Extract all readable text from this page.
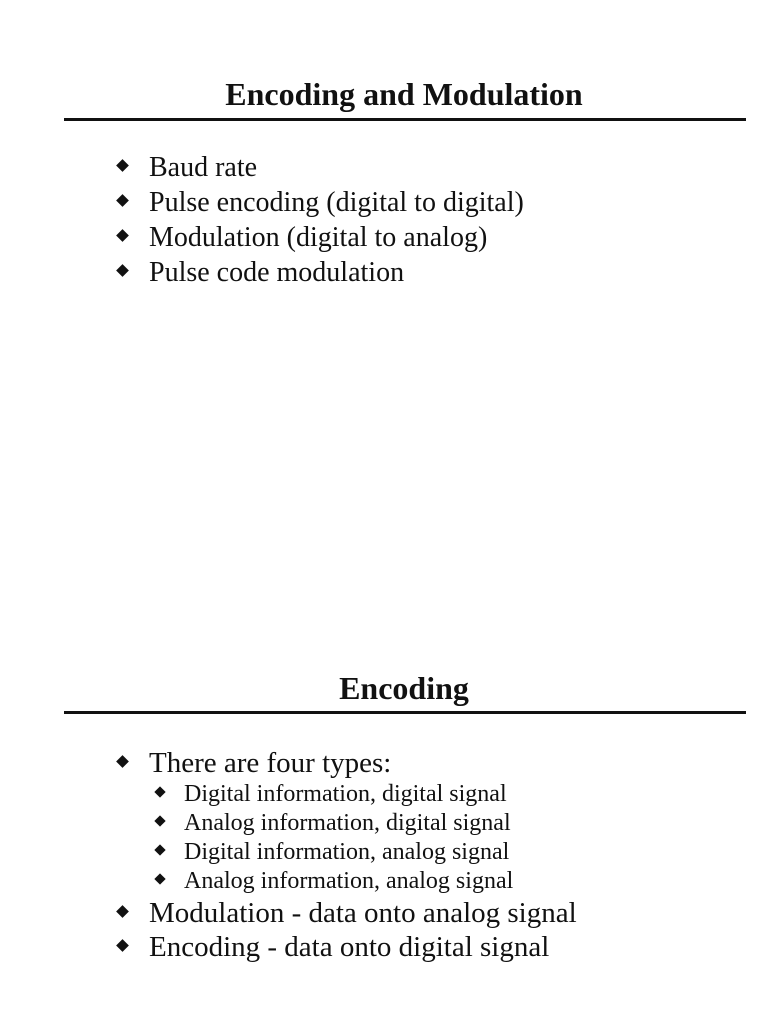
Encoding and Modulation
Baud rate
Pulse encoding (digital to digital)
Modulation (digital to analog)
Pulse code modulation
Encoding
There are four types:
Digital information, digital signal
Analog information, digital signal
Digital information, analog signal
Analog information, analog signal
Modulation - data onto analog signal
Encoding - data onto digital signal
